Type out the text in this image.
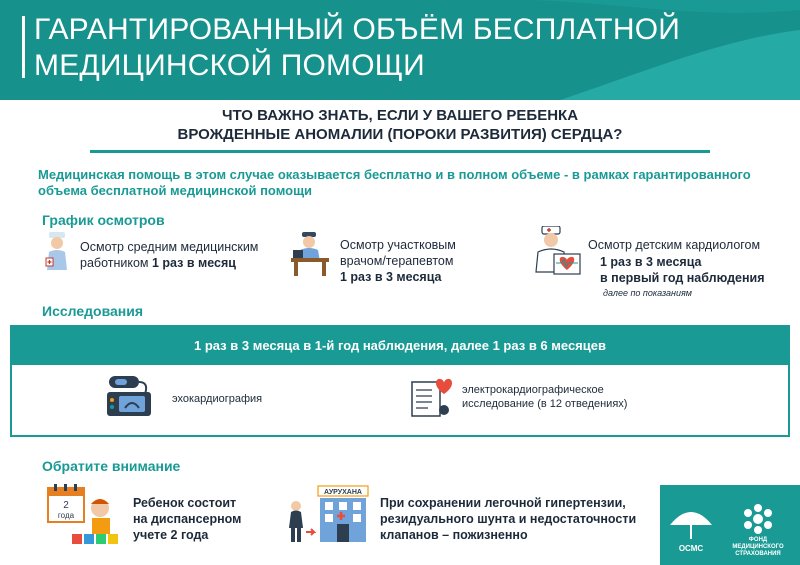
ГАРАНТИРОВАННЫЙ ОБЪЁМ БЕСПЛАТНОЙ
МЕДИЦИНСКОЙ ПОМОЩИ
ЧТО ВАЖНО ЗНАТЬ, ЕСЛИ У ВАШЕГО РЕБЕНКА
ВРОЖДЕННЫЕ АНОМАЛИИ (ПОРОКИ РАЗВИТИЯ) СЕРДЦА?
Медицинская помощь в этом случае оказывается бесплатно и в полном объеме - в рамках гарантированного
объема бесплатной медицинской помощи
График осмотров
Осмотр средним медицинским
работником 1 раз в месяц
Осмотр участковым
врачом/терапевтом
1 раз в 3 месяца
Осмотр детским кардиологом
1 раз в 3 месяца
в первый год наблюдения
далее по показаниям
Исследования
1 раз в 3 месяца в 1-й год наблюдения, далее 1 раз в 6 месяцев
эхокардиография
электрокардиографическое
исследование (в 12 отведениях)
Обратите внимание
2
года
Ребенок состоит
на диспансерном
учете 2 года
АУРУХАНА
При сохранении легочной гипертензии,
резидуального шунта и недостаточности
клапанов – пожизненно
ОСМС
ФОНД
МЕДИЦИНСКОГО
СТРАХОВАНИЯ
